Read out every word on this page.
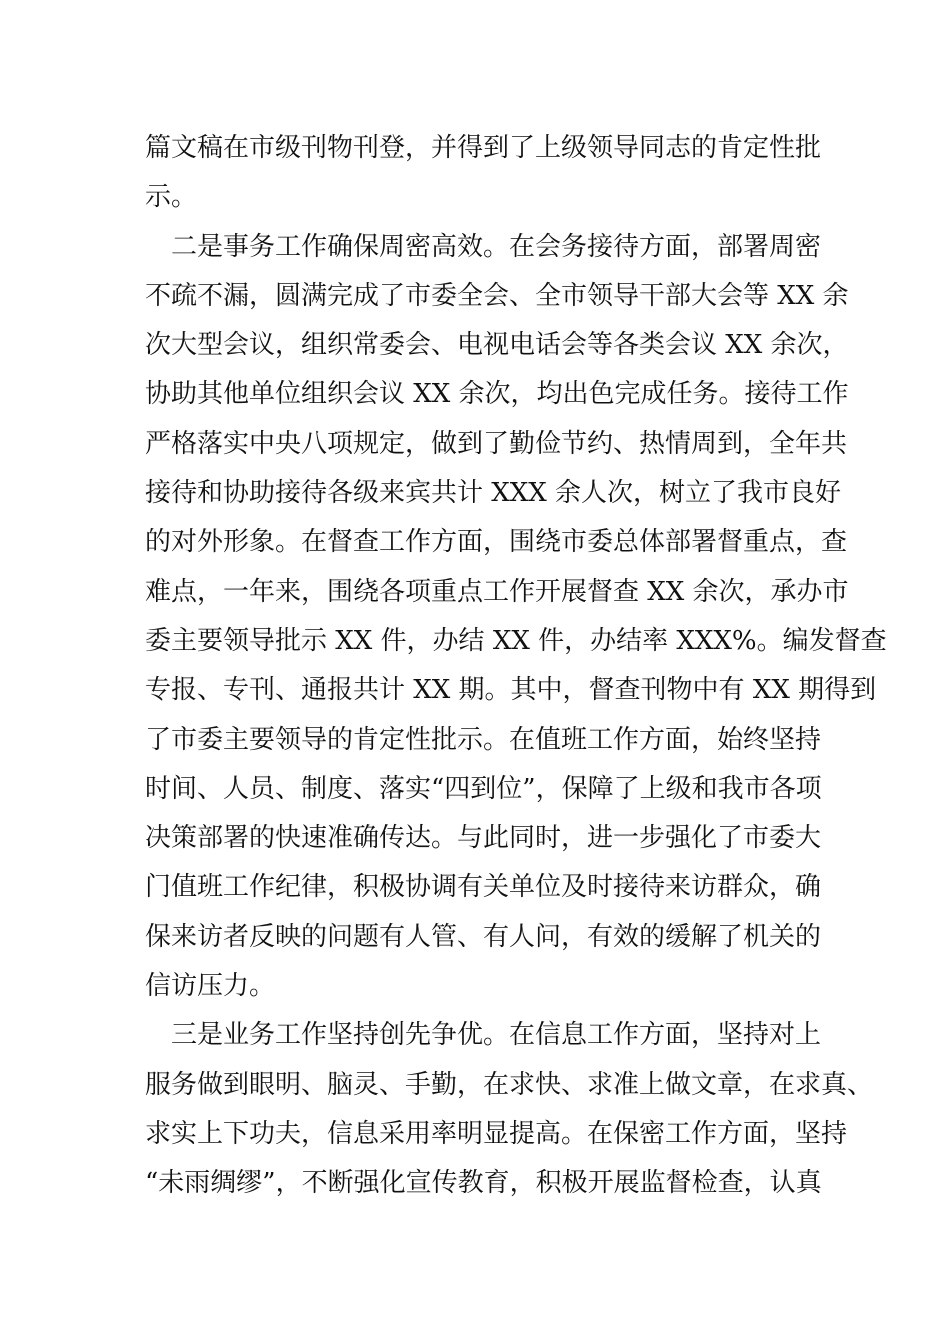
篇文稿在市级刊物刊登，并得到了上级领导同志的肯定性批
示。
二是事务工作确保周密高效。在会务接待方面，部署周密
不疏不漏，圆满完成了市委全会、全市领导干部大会等 XX 余
次大型会议，组织常委会、电视电话会等各类会议 XX 余次，
协助其他单位组织会议 XX 余次，均出色完成任务。接待工作
严格落实中央八项规定，做到了勤俭节约、热情周到，全年共
接待和协助接待各级来宾共计 XXX 余人次，树立了我市良好
的对外形象。在督查工作方面，围绕市委总体部署督重点，查
难点，一年来，围绕各项重点工作开展督查 XX 余次，承办市
委主要领导批示 XX 件，办结 XX 件，办结率 XXX%。编发督查
专报、专刊、通报共计 XX 期。其中，督查刊物中有 XX 期得到
了市委主要领导的肯定性批示。在值班工作方面，始终坚持
时间、人员、制度、落实“四到位”，保障了上级和我市各项
决策部署的快速准确传达。与此同时，进一步强化了市委大
门值班工作纪律，积极协调有关单位及时接待来访群众，确
保来访者反映的问题有人管、有人问，有效的缓解了机关的
信访压力。
三是业务工作坚持创先争优。在信息工作方面，坚持对上
服务做到眼明、脑灵、手勤，在求快、求准上做文章，在求真、
求实上下功夫，信息采用率明显提高。在保密工作方面，坚持
“未雨绸缪”，不断强化宣传教育，积极开展监督检查，认真
